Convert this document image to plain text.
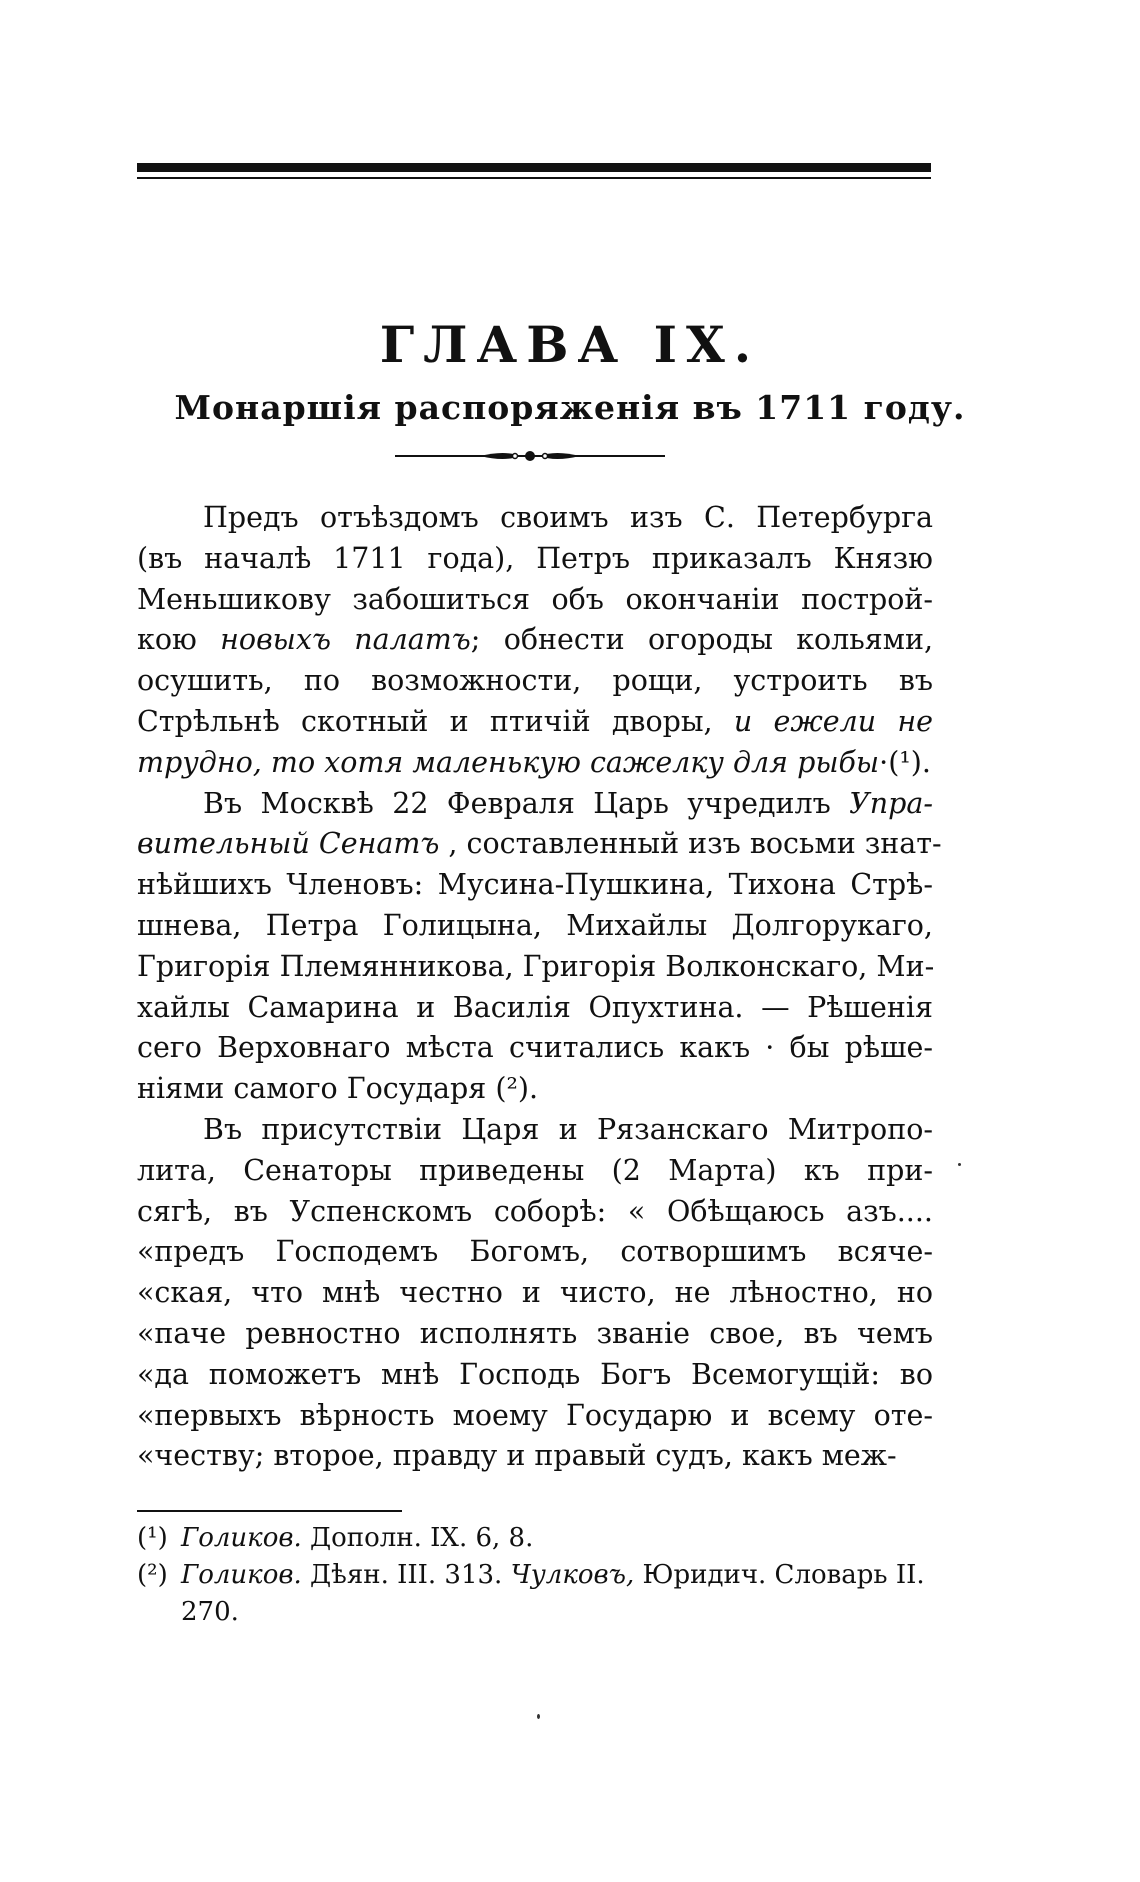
ГЛАВА IX.
Монаршія распоряженія въ 1711 году.
Предъ отъѣздомъ своимъ изъ С. Петербурга
(въ началѣ 1711 года), Петръ приказалъ Князю
Меньшикову забошиться объ окончаніи построй-
кою новыхъ палатъ; обнести огороды кольями,
осушить, по возможности, рощи, устроить въ
Стрѣльнѣ скотный и птичій дворы, и ежели не
трудно, то хотя маленькую сажелку для рыбы·(¹).
Въ Москвѣ 22 Февраля Царь учредилъ Упра-
вительный Сенатъ , составленный изъ восьми знат-
нѣйшихъ Членовъ: Мусина-Пушкина, Тихона Стрѣ-
шнева, Петра Голицына, Михайлы Долгорукаго,
Григорія Племянникова, Григорія Волконскаго, Ми-
хайлы Самарина и Василія Опухтина. — Рѣшенія
сего Верховнаго мѣста считались какъ · бы рѣше-
ніями самого Государя (²).
Въ присутствіи Царя и Рязанскаго Митропо-
лита, Сенаторы приведены (2 Марта) къ при-
сягѣ, въ Успенскомъ соборѣ: « Обѣщаюсь азъ....
«предъ Господемъ Богомъ, сотворшимъ всяче-
«ская, что мнѣ честно и чисто, не лѣностно, но
«паче ревностно исполнять званіе свое, въ чемъ
«да поможетъ мнѣ Господь Богъ Всемогущій: во
«первыхъ вѣрность моему Государю и всему оте-
«честву; второе, правду и правый судъ, какъ меж-
(¹) Голиков. Дополн. IX. 6, 8.
(²) Голиков. Дѣян. III. 313. Чулковъ, Юридич. Словарь II.
270.
